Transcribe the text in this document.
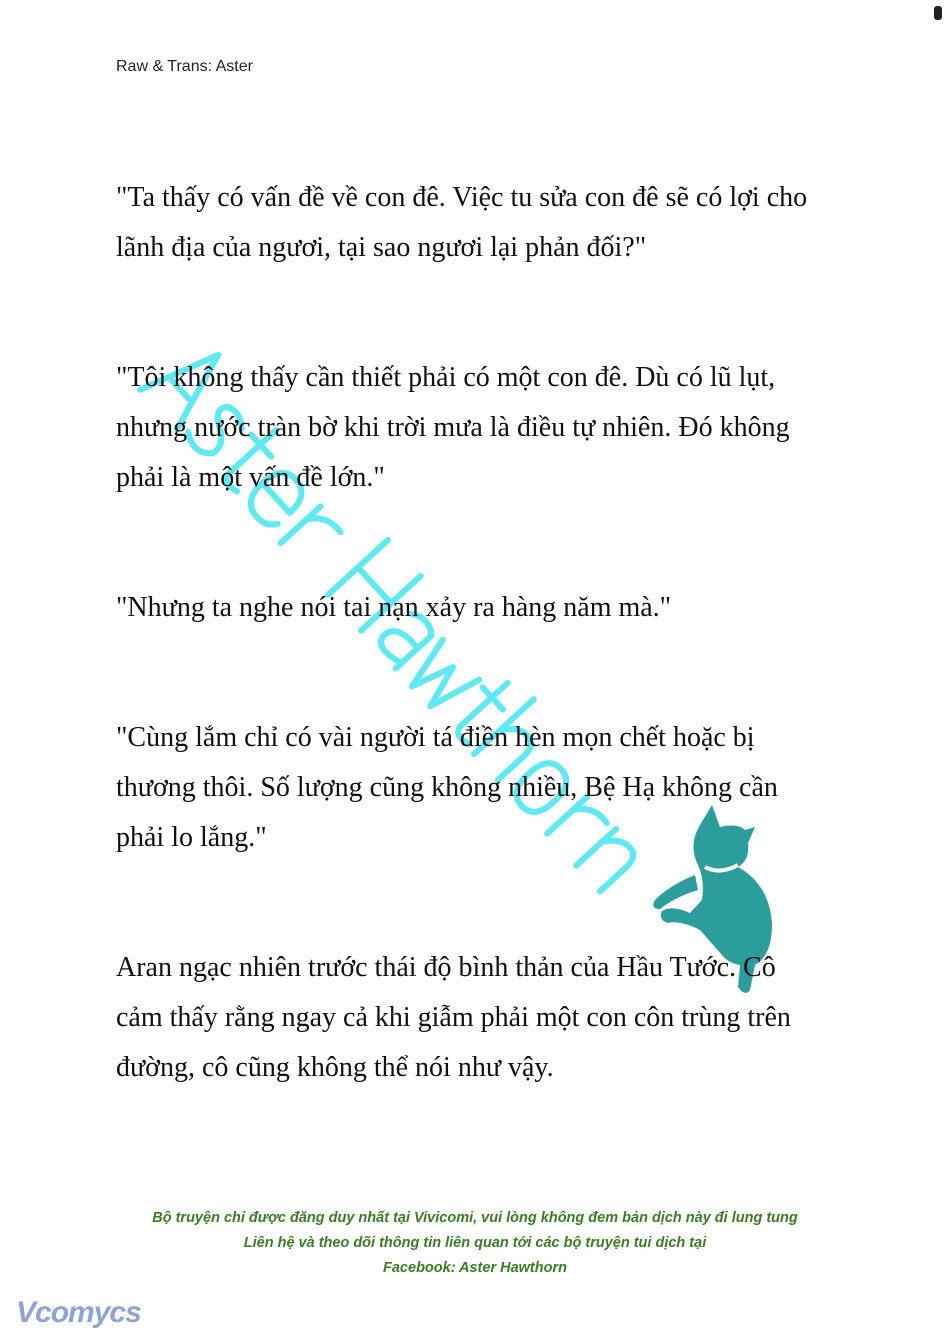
Raw & Trans: Aster
"Ta thấy có vấn đề về con đê. Việc tu sửa con đê sẽ có lợi cho
lãnh địa của ngươi, tại sao ngươi lại phản đối?"
"Tôi không thấy cần thiết phải có một con đê. Dù có lũ lụt,
nhưng nước tràn bờ khi trời mưa là điều tự nhiên. Đó không
phải là một vấn đề lớn."
"Nhưng ta nghe nói tai nạn xảy ra hàng năm mà."
"Cùng lắm chỉ có vài người tá điền hèn mọn chết hoặc bị
thương thôi. Số lượng cũng không nhiều, Bệ Hạ không cần
phải lo lắng."
Aran ngạc nhiên trước thái độ bình thản của Hầu Tước. Cô
cảm thấy rằng ngay cả khi giẫm phải một con côn trùng trên
đường, cô cũng không thể nói như vậy.
Bộ truyện chỉ được đăng duy nhất tại Vivicomi, vui lòng không đem bản dịch này đi lung tung
Liên hệ và theo dõi thông tin liên quan tới các bộ truyện tui dịch tại
Facebook: Aster Hawthorn
Vcomycs
